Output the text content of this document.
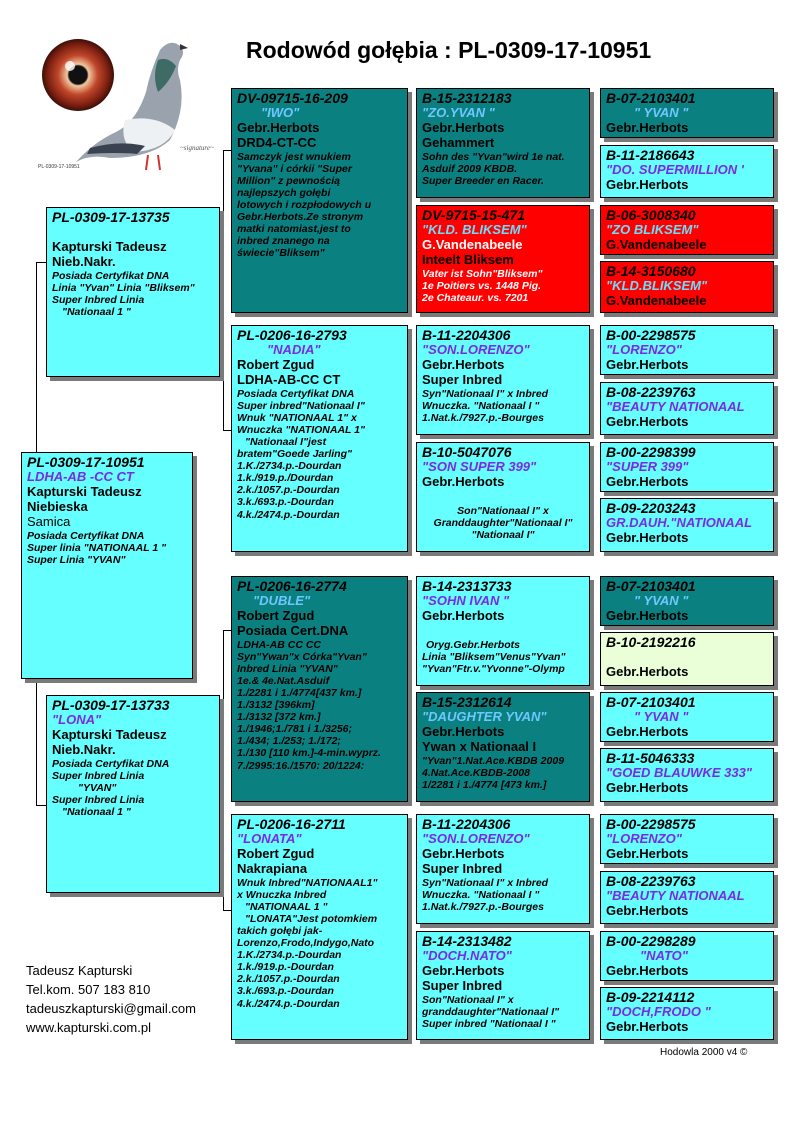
Rodowód gołębia : PL-0309-17-10951
~signature~
PL-0309-17-10951
PL-0309-17-10951
LDHA-AB -CC CT
Kapturski Tadeusz
Niebieska
Samica
Posiada Certyfikat DNA
Super linia "NATIONAAL 1 "
Super Linia "YVAN"
PL-0309-17-13735

Kapturski Tadeusz
Nieb.Nakr.
Posiada Certyfikat DNA
Linia "Yvan" Linia "Bliksem"
Super Inbred Linia
"Nationaal 1 "
PL-0309-17-13733
"LONA"
Kapturski Tadeusz
Nieb.Nakr.
Posiada Certyfikat DNA
Super Inbred Linia
"YVAN"
Super Inbred Linia
"Nationaal 1 "
DV-09715-16-209
"IWO"
Gebr.Herbots
DRD4-CT-CC
Samczyk jest wnukiem
"Yvana" i córkii "Super
Million" z pewnością
najlepszych gołębi
lotowych i rozpłodowych u
Gebr.Herbots.Ze stronym
matki natomiast,jest to
inbred znanego na
świecie"Bliksem"
PL-0206-16-2793
"NADIA"
Robert Zgud
LDHA-AB-CC CT
Posiada Certyfikat DNA
Super inbred"Nationaal I"
Wnuk "NATIONAAL 1" x
Wnuczka "NATIONAAL 1"
"Nationaal I"jest
bratem"Goede Jarling"
1.K./2734.p.-Dourdan
1.k./919.p./Dourdan
2.k./1057.p.-Dourdan
3.k./693.p.-Dourdan
4.k./2474.p.-Dourdan
PL-0206-16-2774
"DUBLE"
Robert Zgud
Posiada Cert.DNA
LDHA-AB CC CC
Syn"Ywan"x Córka"Yvan"
Inbred Linia "YVAN"
1e.& 4e.Nat.Asduif
1./2281 i 1./4774[437 km.]
1./3132 [396km]
1./3132 [372 km.]
1./1946;1./781 i 1./3256;
1./434; 1./253; 1./172;
1./130 [110 km.]-4-min.wyprz.
7./2995:16./1570: 20/1224:
PL-0206-16-2711
"LONATA"
Robert Zgud
Nakrapiana
Wnuk Inbred"NATIONAAL1"
x Wnuczka Inbred
"NATIONAAL 1 "
"LONATA"Jest potomkiem
takich gołębi jak-
Lorenzo,Frodo,Indygo,Nato
1.K./2734.p.-Dourdan
1.k./919.p.-Dourdan
2.k./1057.p.-Dourdan
3.k./693.p.-Dourdan
4.k./2474.p.-Dourdan
B-15-2312183
"ZO.YVAN "
Gebr.Herbots
Gehammert
Sohn des "Yvan"wird 1e nat.
Asduif 2009 KBDB.
Super Breeder en Racer.
DV-9715-15-471
"KLD. BLIKSEM"
G.Vandenabeele
Inteelt Bliksem
Vater ist Sohn"Bliksem"
1e Poitiers vs. 1448 Pig.
2e Chateaur. vs. 7201
B-11-2204306
"SON.LORENZO"
Gebr.Herbots
Super Inbred
Syn"Nationaal I" x Inbred
Wnuczka. "Nationaal I "
1.Nat.k./7927.p.-Bourges
B-10-5047076
"SON SUPER 399"
Gebr.Herbots

Son"Nationaal I" x
Granddaughter"Nationaal I"
"Nationaal I"
B-14-2313733
"SOHN IVAN "
Gebr.Herbots

Oryg.Gebr.Herbots
Linia "Bliksem"Venus"Yvan"
"Yvan"Ftr.v."Yvonne"-Olymp
B-15-2312614
"DAUGHTER YVAN"
Gebr.Herbots
Ywan x Nationaal I
"Yvan"1.Nat.Ace.KBDB 2009
4.Nat.Ace.KBDB-2008
1/2281 i 1./4774 [473 km.]
B-11-2204306
"SON.LORENZO"
Gebr.Herbots
Super Inbred
Syn"Nationaal I" x Inbred
Wnuczka. "Nationaal I "
1.Nat.k./7927.p.-Bourges
B-14-2313482
"DOCH.NATO"
Gebr.Herbots
Super Inbred
Son"Nationaal I" x
granddaughter"Nationaal I"
Super inbred "Nationaal I "
B-07-2103401
" YVAN "
Gebr.Herbots
B-11-2186643
"DO. SUPERMILLION '
Gebr.Herbots
B-06-3008340
"ZO BLIKSEM"
G.Vandenabeele
B-14-3150680
"KLD.BLIKSEM"
G.Vandenabeele
B-00-2298575
"LORENZO"
Gebr.Herbots
B-08-2239763
"BEAUTY NATIONAAL
Gebr.Herbots
B-00-2298399
"SUPER 399"
Gebr.Herbots
B-09-2203243
GR.DAUH."NATIONAAL
Gebr.Herbots
B-07-2103401
" YVAN "
Gebr.Herbots
B-10-2192216

Gebr.Herbots
B-07-2103401
" YVAN "
Gebr.Herbots
B-11-5046333
"GOED BLAUWKE 333"
Gebr.Herbots
B-00-2298575
"LORENZO"
Gebr.Herbots
B-08-2239763
"BEAUTY NATIONAAL
Gebr.Herbots
B-00-2298289
"NATO"
Gebr.Herbots
B-09-2214112
"DOCH,FRODO "
Gebr.Herbots
Tadeusz Kapturski
Tel.kom. 507 183 810
tadeuszkapturski@gmail.com
www.kapturski.com.pl
Hodowla 2000 v4 ©
